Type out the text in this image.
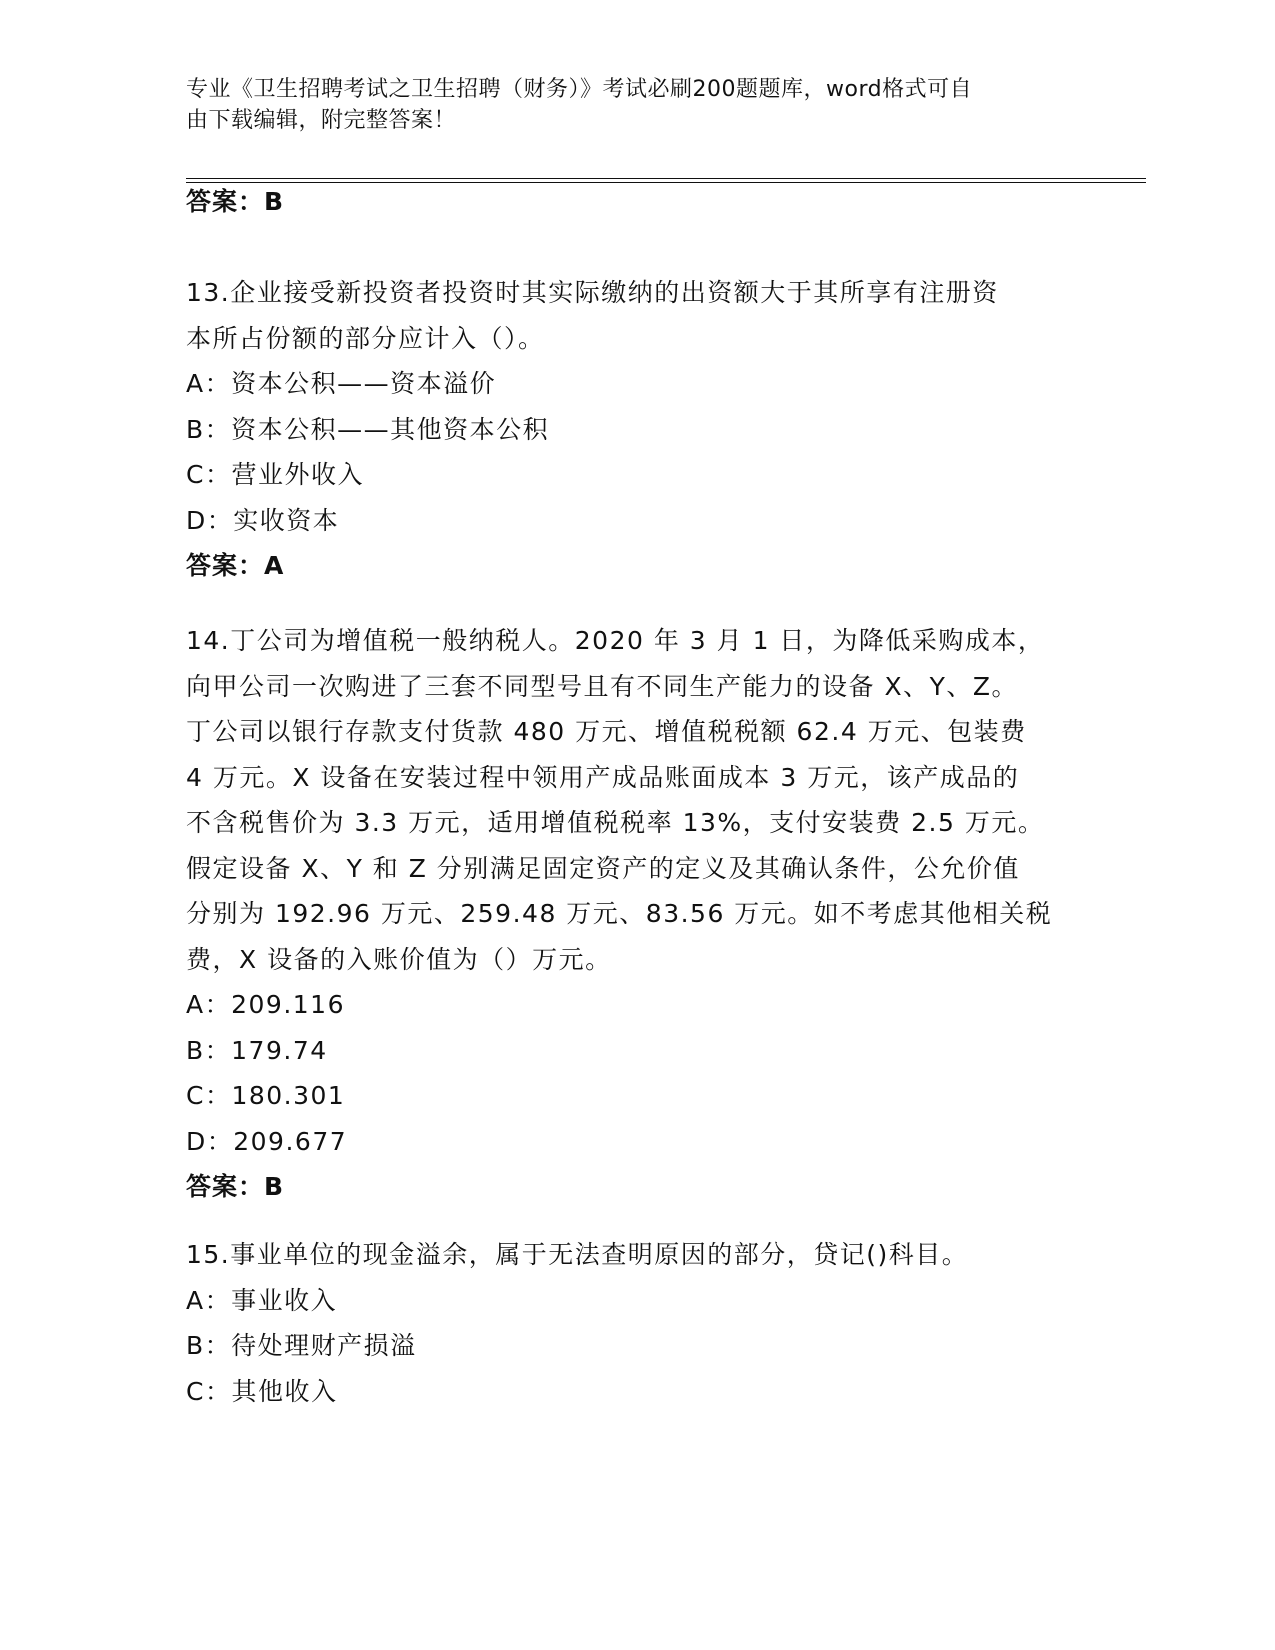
专业《卫生招聘考试之卫生招聘（财务）》考试必刷200题题库，word格式可自
由下载编辑，附完整答案！
答案：B
13.企业接受新投资者投资时其实际缴纳的出资额大于其所享有注册资
本所占份额的部分应计入（）。
A：资本公积——资本溢价
B：资本公积——其他资本公积
C：营业外收入
D：实收资本
答案：A
14.丁公司为增值税一般纳税人。2020 年 3 月 1 日，为降低采购成本，
向甲公司一次购进了三套不同型号且有不同生产能力的设备 X、Y、Z。
丁公司以银行存款支付货款 480 万元、增值税税额 62.4 万元、包装费
4 万元。X 设备在安装过程中领用产成品账面成本 3 万元，该产成品的
不含税售价为 3.3 万元，适用增值税税率 13%，支付安装费 2.5 万元。
假定设备 X、Y 和 Z 分别满足固定资产的定义及其确认条件，公允价值
分别为 192.96 万元、259.48 万元、83.56 万元。如不考虑其他相关税
费，X 设备的入账价值为（）万元。
A：209.116
B：179.74
C：180.301
D：209.677
答案：B
15.事业单位的现金溢余，属于无法查明原因的部分，贷记()科目。
A：事业收入
B：待处理财产损溢
C：其他收入
